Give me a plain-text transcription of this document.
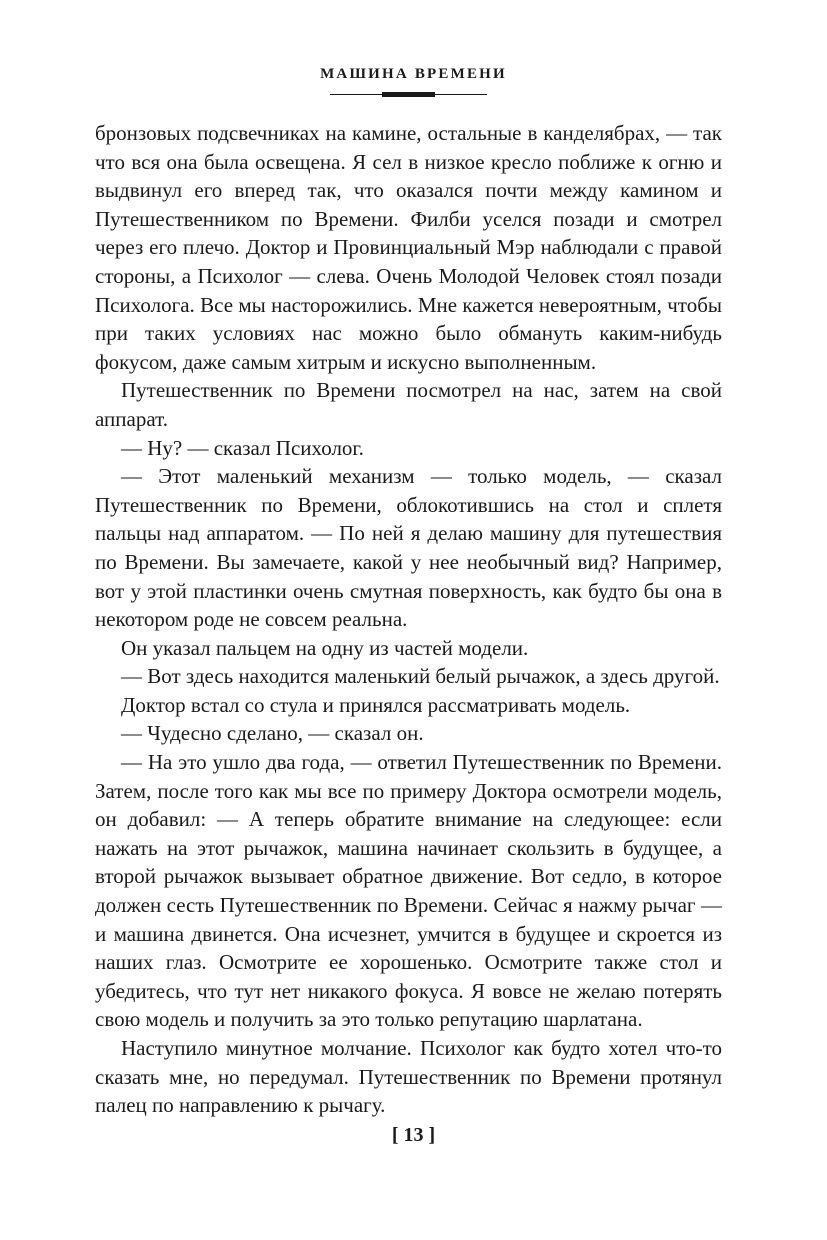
МАШИНА ВРЕМЕНИ

бронзовых подсвечниках на камине, остальные в канделябрах, — так что вся она была освещена. Я сел в низкое кресло поближе к огню и выдвинул его вперед так, что оказался почти между камином и Путешественником по Времени. Филби уселся позади и смотрел через его плечо. Доктор и Провинциальный Мэр наблюдали с правой стороны, а Психолог — слева. Очень Молодой Человек стоял позади Психолога. Все мы насторожились. Мне кажется невероятным, чтобы при таких условиях нас можно было обмануть каким-нибудь фокусом, даже самым хитрым и искусно выполненным.

Путешественник по Времени посмотрел на нас, затем на свой аппарат.

— Ну? — сказал Психолог.

— Этот маленький механизм — только модель, — сказал Путешественник по Времени, облокотившись на стол и сплетя пальцы над аппаратом. — По ней я делаю машину для путешествия по Времени. Вы замечаете, какой у нее необычный вид? Например, вот у этой пластинки очень смутная поверхность, как будто бы она в некотором роде не совсем реальна.

Он указал пальцем на одну из частей модели.

— Вот здесь находится маленький белый рычажок, а здесь другой.

Доктор встал со стула и принялся рассматривать модель.

— Чудесно сделано, — сказал он.

— На это ушло два года, — ответил Путешественник по Времени. Затем, после того как мы все по примеру Доктора осмотрели модель, он добавил: — А теперь обратите внимание на следующее: если нажать на этот рычажок, машина начинает скользить в будущее, а второй рычажок вызывает обратное движение. Вот седло, в которое должен сесть Путешественник по Времени. Сейчас я нажму рычаг — и машина двинется. Она исчезнет, умчится в будущее и скроется из наших глаз. Осмотрите ее хорошенько. Осмотрите также стол и убедитесь, что тут нет никакого фокуса. Я вовсе не желаю потерять свою модель и получить за это только репутацию шарлатана.

Наступило минутное молчание. Психолог как будто хотел что-то сказать мне, но передумал. Путешественник по Времени протянул палец по направлению к рычагу.

[ 13 ]
